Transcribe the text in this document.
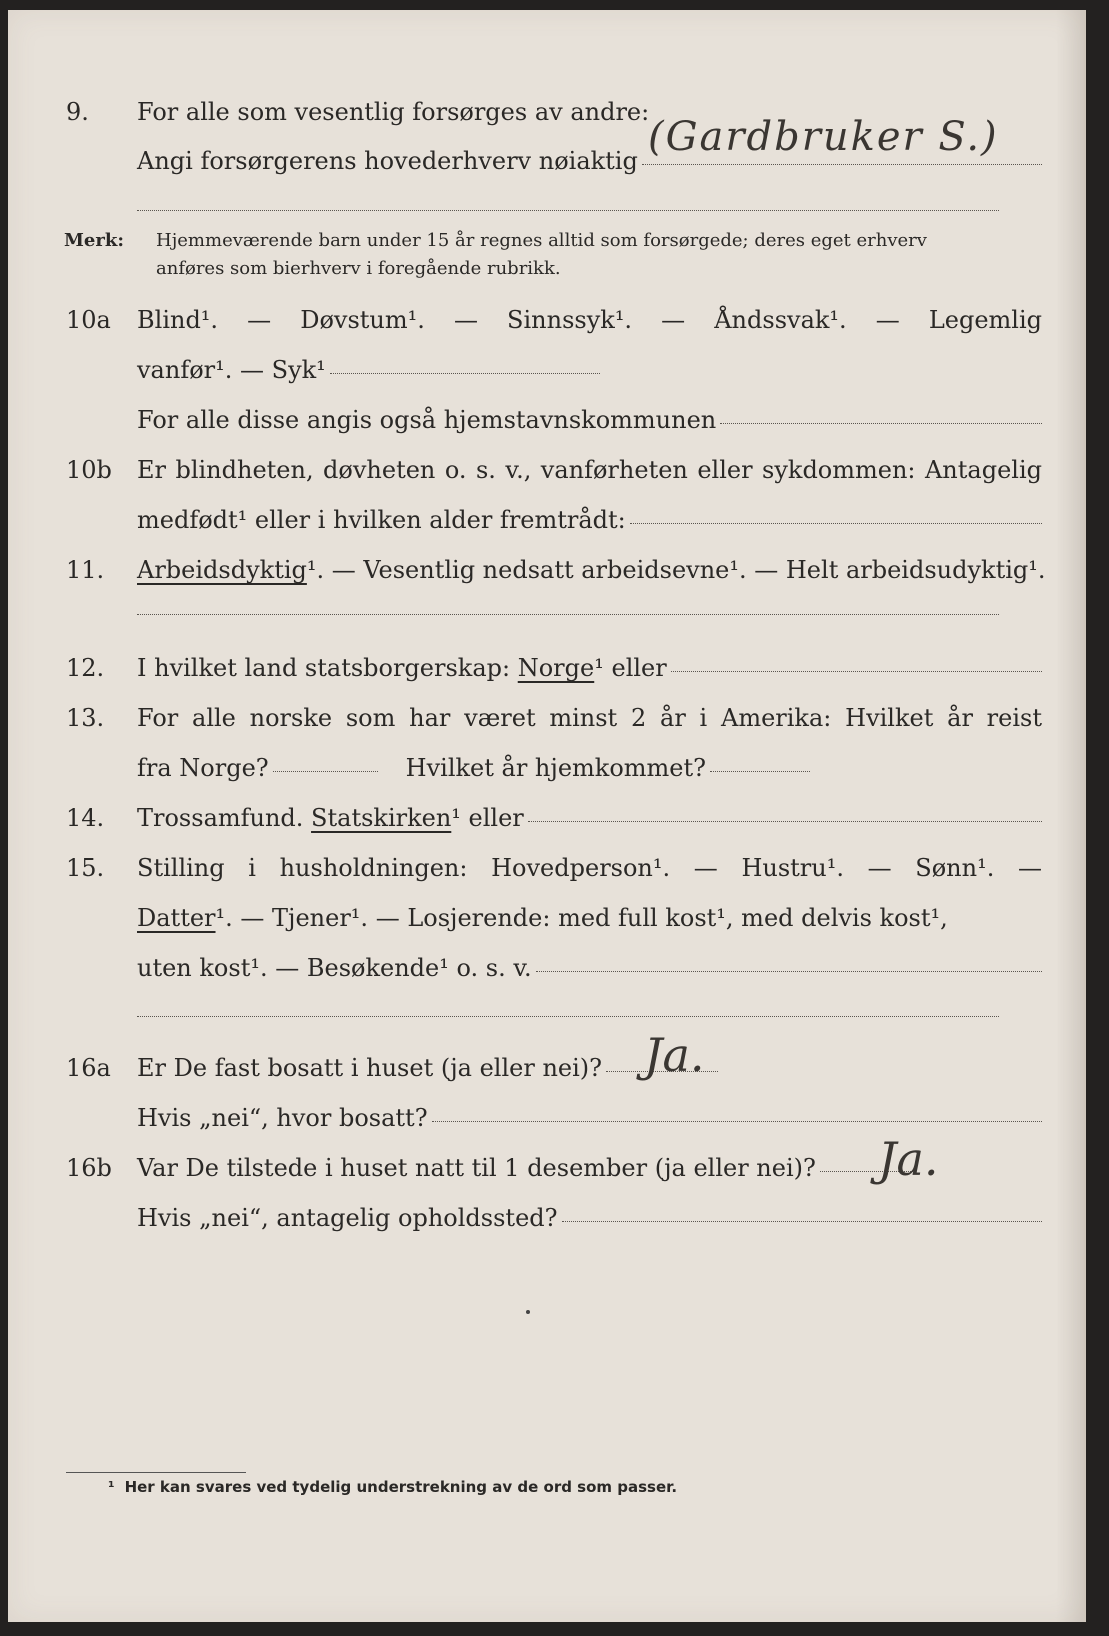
9. For alle som vesentlig forsørges av andre:
Angi forsørgerens hovederhverv nøiaktig
(Gardbruker S.)
Merk: Hjemmeværende barn under 15 år regnes alltid som forsørgede; deres eget erhverv
anføres som bierhverv i foregående rubrikk.
10a Blind¹. — Døvstum¹. — Sinnssyk¹. — Åndssvak¹. — Legemlig
vanfør¹. — Syk¹
For alle disse angis også hjemstavnskommunen
10b Er blindheten, døvheten o. s. v., vanførheten eller sykdommen: Antagelig
medfødt¹ eller i hvilken alder fremtrådt:
11. Arbeidsdyktig¹. — Vesentlig nedsatt arbeidsevne¹. — Helt arbeidsudyktig¹.
12. I hvilket land statsborgerskap: Norge ¹ eller
13. For alle norske som har været minst 2 år i Amerika: Hvilket år reist
fra Norge?	Hvilket år hjemkommet?
14. Trossamfund. Statskirken ¹ eller
15. Stilling i husholdningen: Hovedperson¹. — Hustru¹. — Sønn¹. —
Datter¹. — Tjener¹. — Losjerende: med full kost¹, med delvis kost¹,
uten kost¹. — Besøkende¹ o. s. v.
16a Er De fast bosatt i huset (ja eller nei)? Ja.
Hvis „nei“, hvor bosatt?
16b Var De tilstede i huset natt til 1 desember (ja eller nei)?	Ja.
Hvis „nei“, antagelig opholdssted?
¹ Her kan svares ved tydelig understrekning av de ord som passer.
